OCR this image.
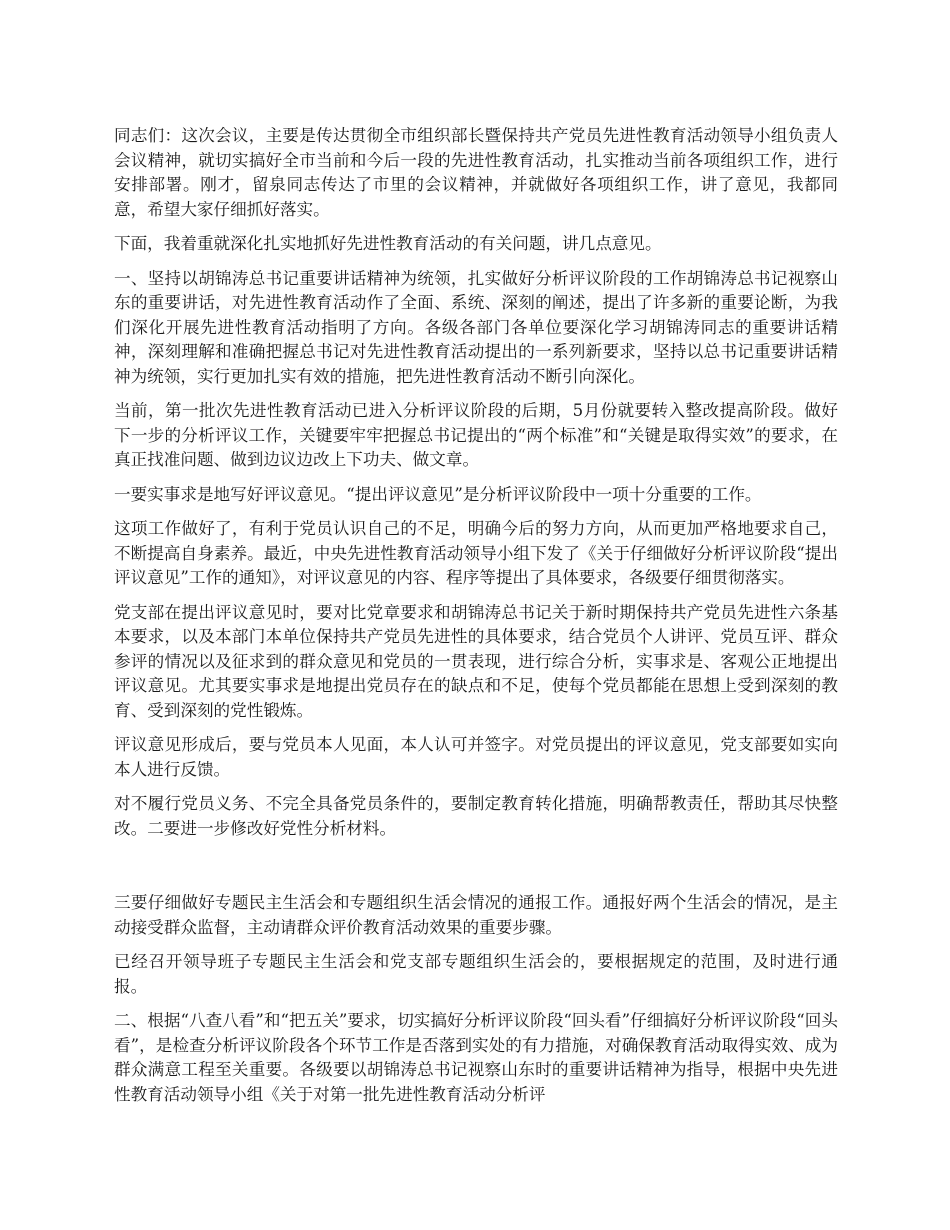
同志们：这次会议，主要是传达贯彻全市组织部长暨保持共产党员先进性教育活动领导小组负责人会议精神，就切实搞好全市当前和今后一段的先进性教育活动，扎实推动当前各项组织工作，进行安排部署。刚才，留泉同志传达了市里的会议精神，并就做好各项组织工作，讲了意见，我都同意，希望大家仔细抓好落实。

下面，我着重就深化扎实地抓好先进性教育活动的有关问题，讲几点意见。

一、坚持以胡锦涛总书记重要讲话精神为统领，扎实做好分析评议阶段的工作胡锦涛总书记视察山东的重要讲话，对先进性教育活动作了全面、系统、深刻的阐述，提出了许多新的重要论断，为我们深化开展先进性教育活动指明了方向。各级各部门各单位要深化学习胡锦涛同志的重要讲话精神，深刻理解和准确把握总书记对先进性教育活动提出的一系列新要求，坚持以总书记重要讲话精神为统领，实行更加扎实有效的措施，把先进性教育活动不断引向深化。

当前，第一批次先进性教育活动已进入分析评议阶段的后期，5月份就要转入整改提高阶段。做好下一步的分析评议工作，关键要牢牢把握总书记提出的“两个标准”和“关键是取得实效”的要求，在真正找准问题、做到边议边改上下功夫、做文章。

一要实事求是地写好评议意见。“提出评议意见”是分析评议阶段中一项十分重要的工作。

这项工作做好了，有利于党员认识自己的不足，明确今后的努力方向，从而更加严格地要求自己，不断提高自身素养。最近，中央先进性教育活动领导小组下发了《关于仔细做好分析评议阶段“提出评议意见”工作的通知》，对评议意见的内容、程序等提出了具体要求，各级要仔细贯彻落实。

党支部在提出评议意见时，要对比党章要求和胡锦涛总书记关于新时期保持共产党员先进性六条基本要求，以及本部门本单位保持共产党员先进性的具体要求，结合党员个人讲评、党员互评、群众参评的情况以及征求到的群众意见和党员的一贯表现，进行综合分析，实事求是、客观公正地提出评议意见。尤其要实事求是地提出党员存在的缺点和不足，使每个党员都能在思想上受到深刻的教育、受到深刻的党性锻炼。

评议意见形成后，要与党员本人见面，本人认可并签字。对党员提出的评议意见，党支部要如实向本人进行反馈。

对不履行党员义务、不完全具备党员条件的，要制定教育转化措施，明确帮教责任，帮助其尽快整改。二要进一步修改好党性分析材料。

三要仔细做好专题民主生活会和专题组织生活会情况的通报工作。通报好两个生活会的情况，是主动接受群众监督，主动请群众评价教育活动效果的重要步骤。

已经召开领导班子专题民主生活会和党支部专题组织生活会的，要根据规定的范围，及时进行通报。

二、根据“八查八看”和“把五关”要求，切实搞好分析评议阶段“回头看”仔细搞好分析评议阶段“回头看”，是检查分析评议阶段各个环节工作是否落到实处的有力措施，对确保教育活动取得实效、成为群众满意工程至关重要。各级要以胡锦涛总书记视察山东时的重要讲话精神为指导，根据中央先进性教育活动领导小组《关于对第一批先进性教育活动分析评
